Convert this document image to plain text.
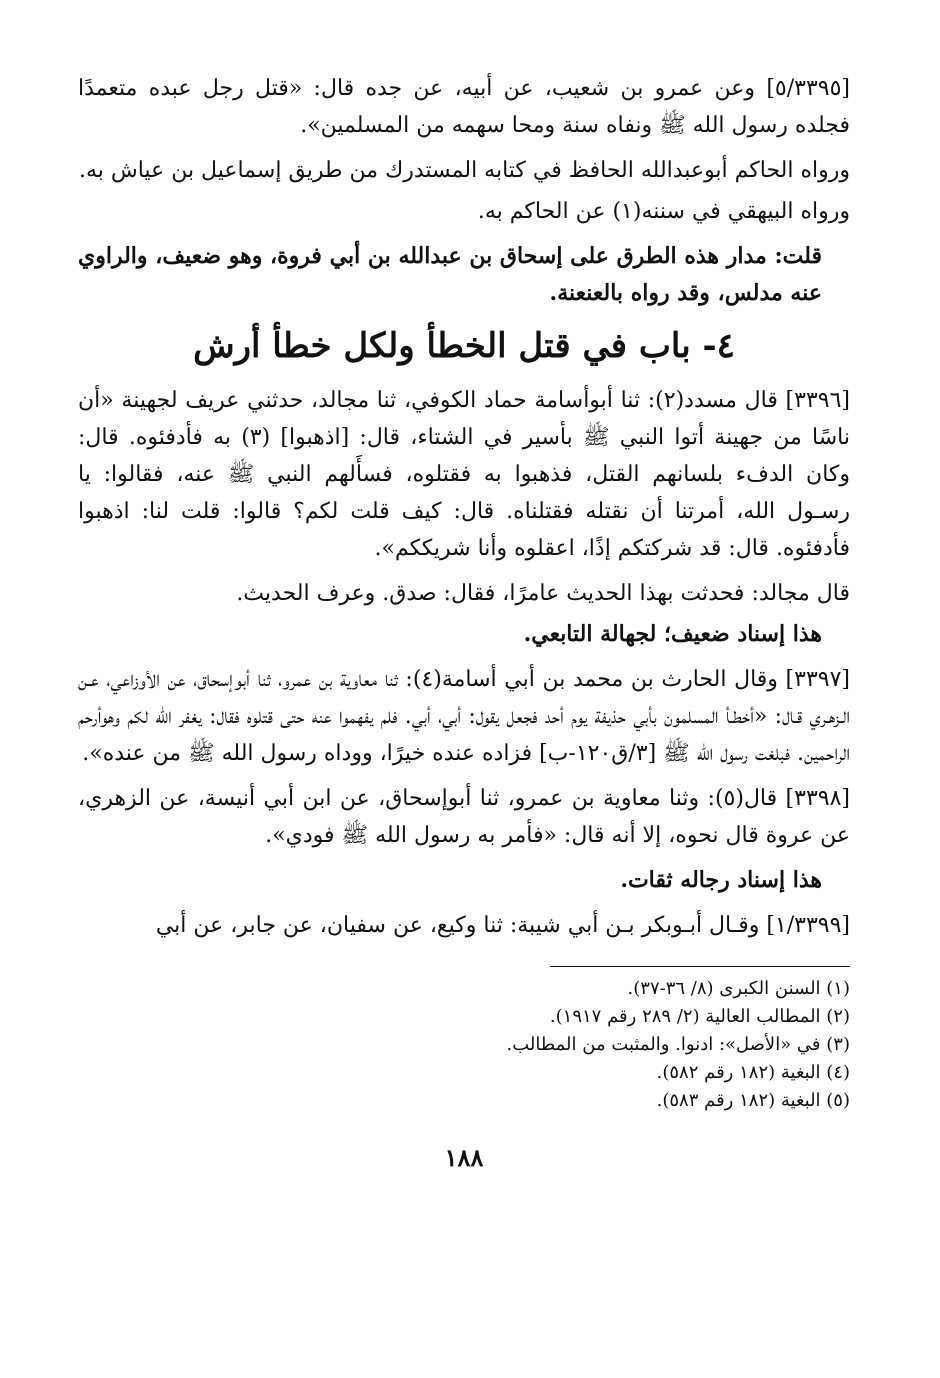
[٥/٣٣٩٥] وعن عمرو بن شعيب، عن أبيه، عن جده قال: «قتل رجل عبده متعمدًا فجلده رسول الله ﷺ ونفاه سنة ومحا سهمه من المسلمين».

ورواه الحاكم أبوعبدالله الحافظ في كتابه المستدرك من طريق إسماعيل بن عياش به.

ورواه البيهقي في سننه(١) عن الحاكم به.

قلت: مدار هذه الطرق على إسحاق بن عبدالله بن أبي فروة، وهو ضعيف، والراوي عنه مدلس، وقد رواه بالعنعنة.

٤- باب في قتل الخطأ ولكل خطأ أرش

[٣٣٩٦] قال مسدد(٢): ثنا أبوأسامة حماد الكوفي، ثنا مجالد، حدثني عريف لجهينة «أن ناسًا من جهينة أتوا النبي ﷺ بأسير في الشتاء، قال: [اذهبوا] (٣) به فأدفئوه. قال: وكان الدفء بلسانهم القتل، فذهبوا به فقتلوه، فسأَلهم النبي ﷺ عنه، فقالوا: يا رسـول الله، أمرتنا أن نقتله فقتلناه. قال: كيف قلت لكم؟ قالوا: قلت لنا: اذهبوا فأدفئوه. قال: قد شركتكم إذًا، اعقلوه وأنا شريككم».

قال مجالد: فحدثت بهذا الحديث عامرًا، فقال: صدق. وعرف الحديث.

هذا إسناد ضعيف؛ لجهالة التابعي.

[٣٣٩٧] وقال الحارث بن محمد بن أبي أسامة(٤): ثنا معاوية بن عمرو، ثنا أبوإسحاق، عن الأوزاعي، عـن الـزهـري قـال: «أخطـأ المسلمون بأبي حذيفة يوم أحد فجعل يقول: أبي، أبي. فلم يفهموا عنه حتى قتلوه فقال: يغفر الله لكم وهوأرحم الراحمين. فبلغت رسول الله ﷺ [٣/ق١٢٠-ب] فزاده عنده خيرًا، ووداه رسول الله ﷺ من عنده».

[٣٣٩٨] قال(٥): وثنا معاوية بن عمرو، ثنا أبوإسحاق، عن ابن أبي أنيسة، عن الزهري، عن عروة قال نحوه، إلا أنه قال: «فأمر به رسول الله ﷺ فودي».

هذا إسناد رجاله ثقات.

[١/٣٣٩٩] وقـال أبـوبكر بـن أبي شيبة: ثنا وكيع، عن سفيان، عن جابر، عن أبي

(١) السنن الكبرى (٨/ ٣٦-٣٧).

(٢) المطالب العالية (٢/ ٢٨٩ رقم ١٩١٧).

(٣) في «الأصل»: ادنوا. والمثبت من المطالب.

(٤) البغية (١٨٢ رقم ٥٨٢).

(٥) البغية (١٨٢ رقم ٥٨٣).

١٨٨
